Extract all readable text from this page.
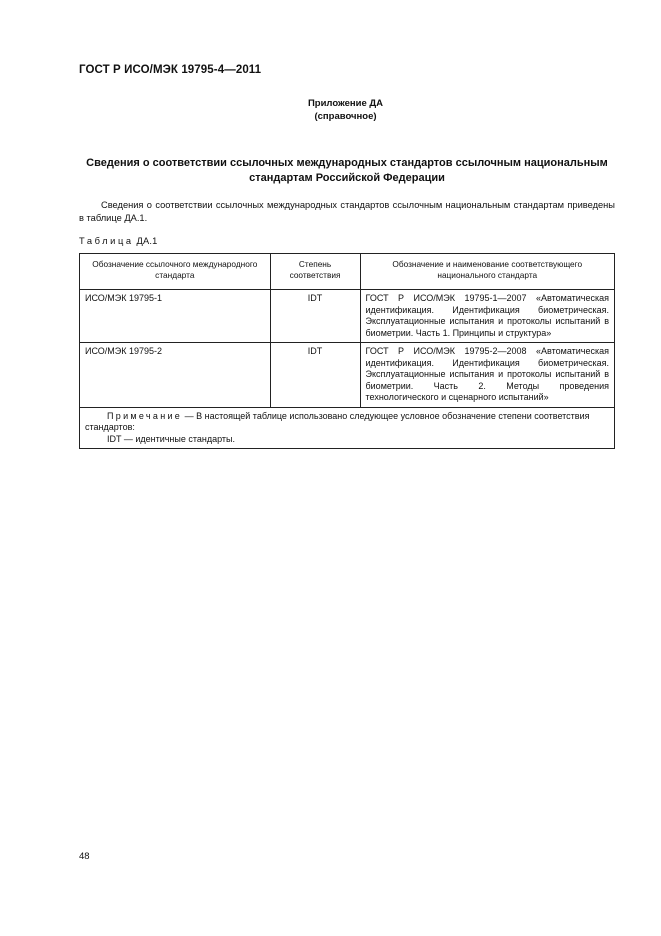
ГОСТ Р ИСО/МЭК 19795-4—2011
Приложение ДА
(справочное)
Сведения о соответствии ссылочных международных стандартов ссылочным национальным
стандартам Российской Федерации

Сведения о соответствии ссылочных международных стандартов ссылочным национальным стандартам приведены в таблице ДА.1.

Таблица ДА.1
Обозначение ссылочного международного стандарта	Степень соответствия	Обозначение и наименование соответствующего национального стандарта
ИСО/МЭК 19795-1	IDT	ГОСТ Р ИСО/МЭК 19795-1—2007 «Автоматическая идентификация. Идентификация биометрическая. Эксплуатационные испытания и протоколы испытаний в биометрии. Часть 1. Принципы и структура»
ИСО/МЭК 19795-2	IDT	ГОСТ Р ИСО/МЭК 19795-2—2008 «Автоматическая идентификация. Идентификация биометрическая. Эксплуатационные испытания и протоколы испытаний в биометрии. Часть 2. Методы проведения технологического и сценарного испытаний»

Примечание — В настоящей таблице использовано следующее условное обозначение степени соответствия стандартов:
IDT — идентичные стандарты.		
48
